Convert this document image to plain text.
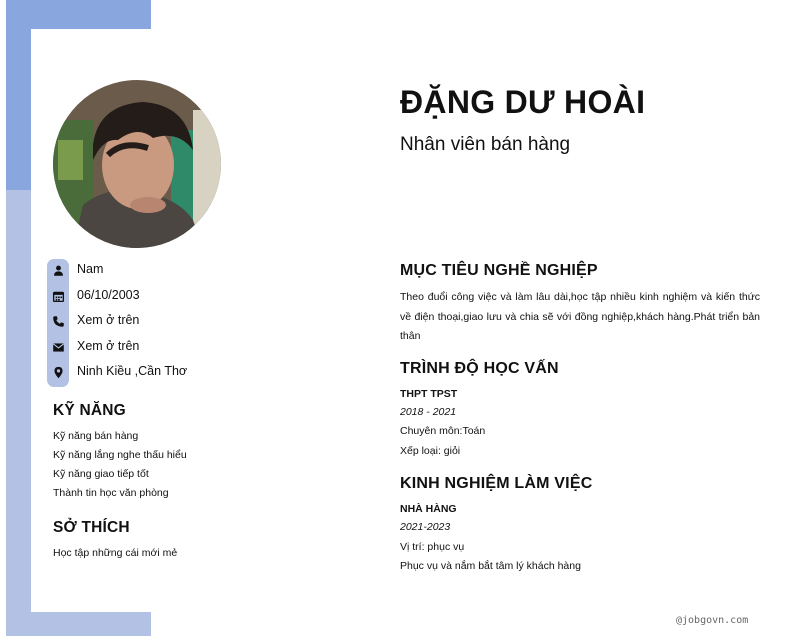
Nam
06/10/2003
Xem ở trên
Xem ở trên
Ninh Kiều ,Cần Thơ
KỸ NĂNG
Kỹ năng bán hàng
Kỹ năng lắng nghe thấu hiểu
Kỹ năng giao tiếp tốt
Thành tin học văn phòng
SỞ THÍCH
Học tập những cái mới mẻ
ĐẶNG DƯ HOÀI
Nhân viên bán hàng
MỤC TIÊU NGHỀ NGHIỆP
Theo đuổi công việc và làm lâu dài,học tập nhiều kinh nghiệm và kiến thức về điện thoại,giao lưu và chia sẽ với đồng nghiệp,khách hàng.Phát triển bản thân
TRÌNH ĐỘ HỌC VẤN
THPT TPST
2018 - 2021
Chuyên môn:Toán
Xếp loại: giỏi
KINH NGHIỆM LÀM VIỆC
NHÀ HÀNG
2021-2023
Vị trí: phục vụ
Phục vụ và nắm bắt tâm lý khách hàng
@jobgovn.com
